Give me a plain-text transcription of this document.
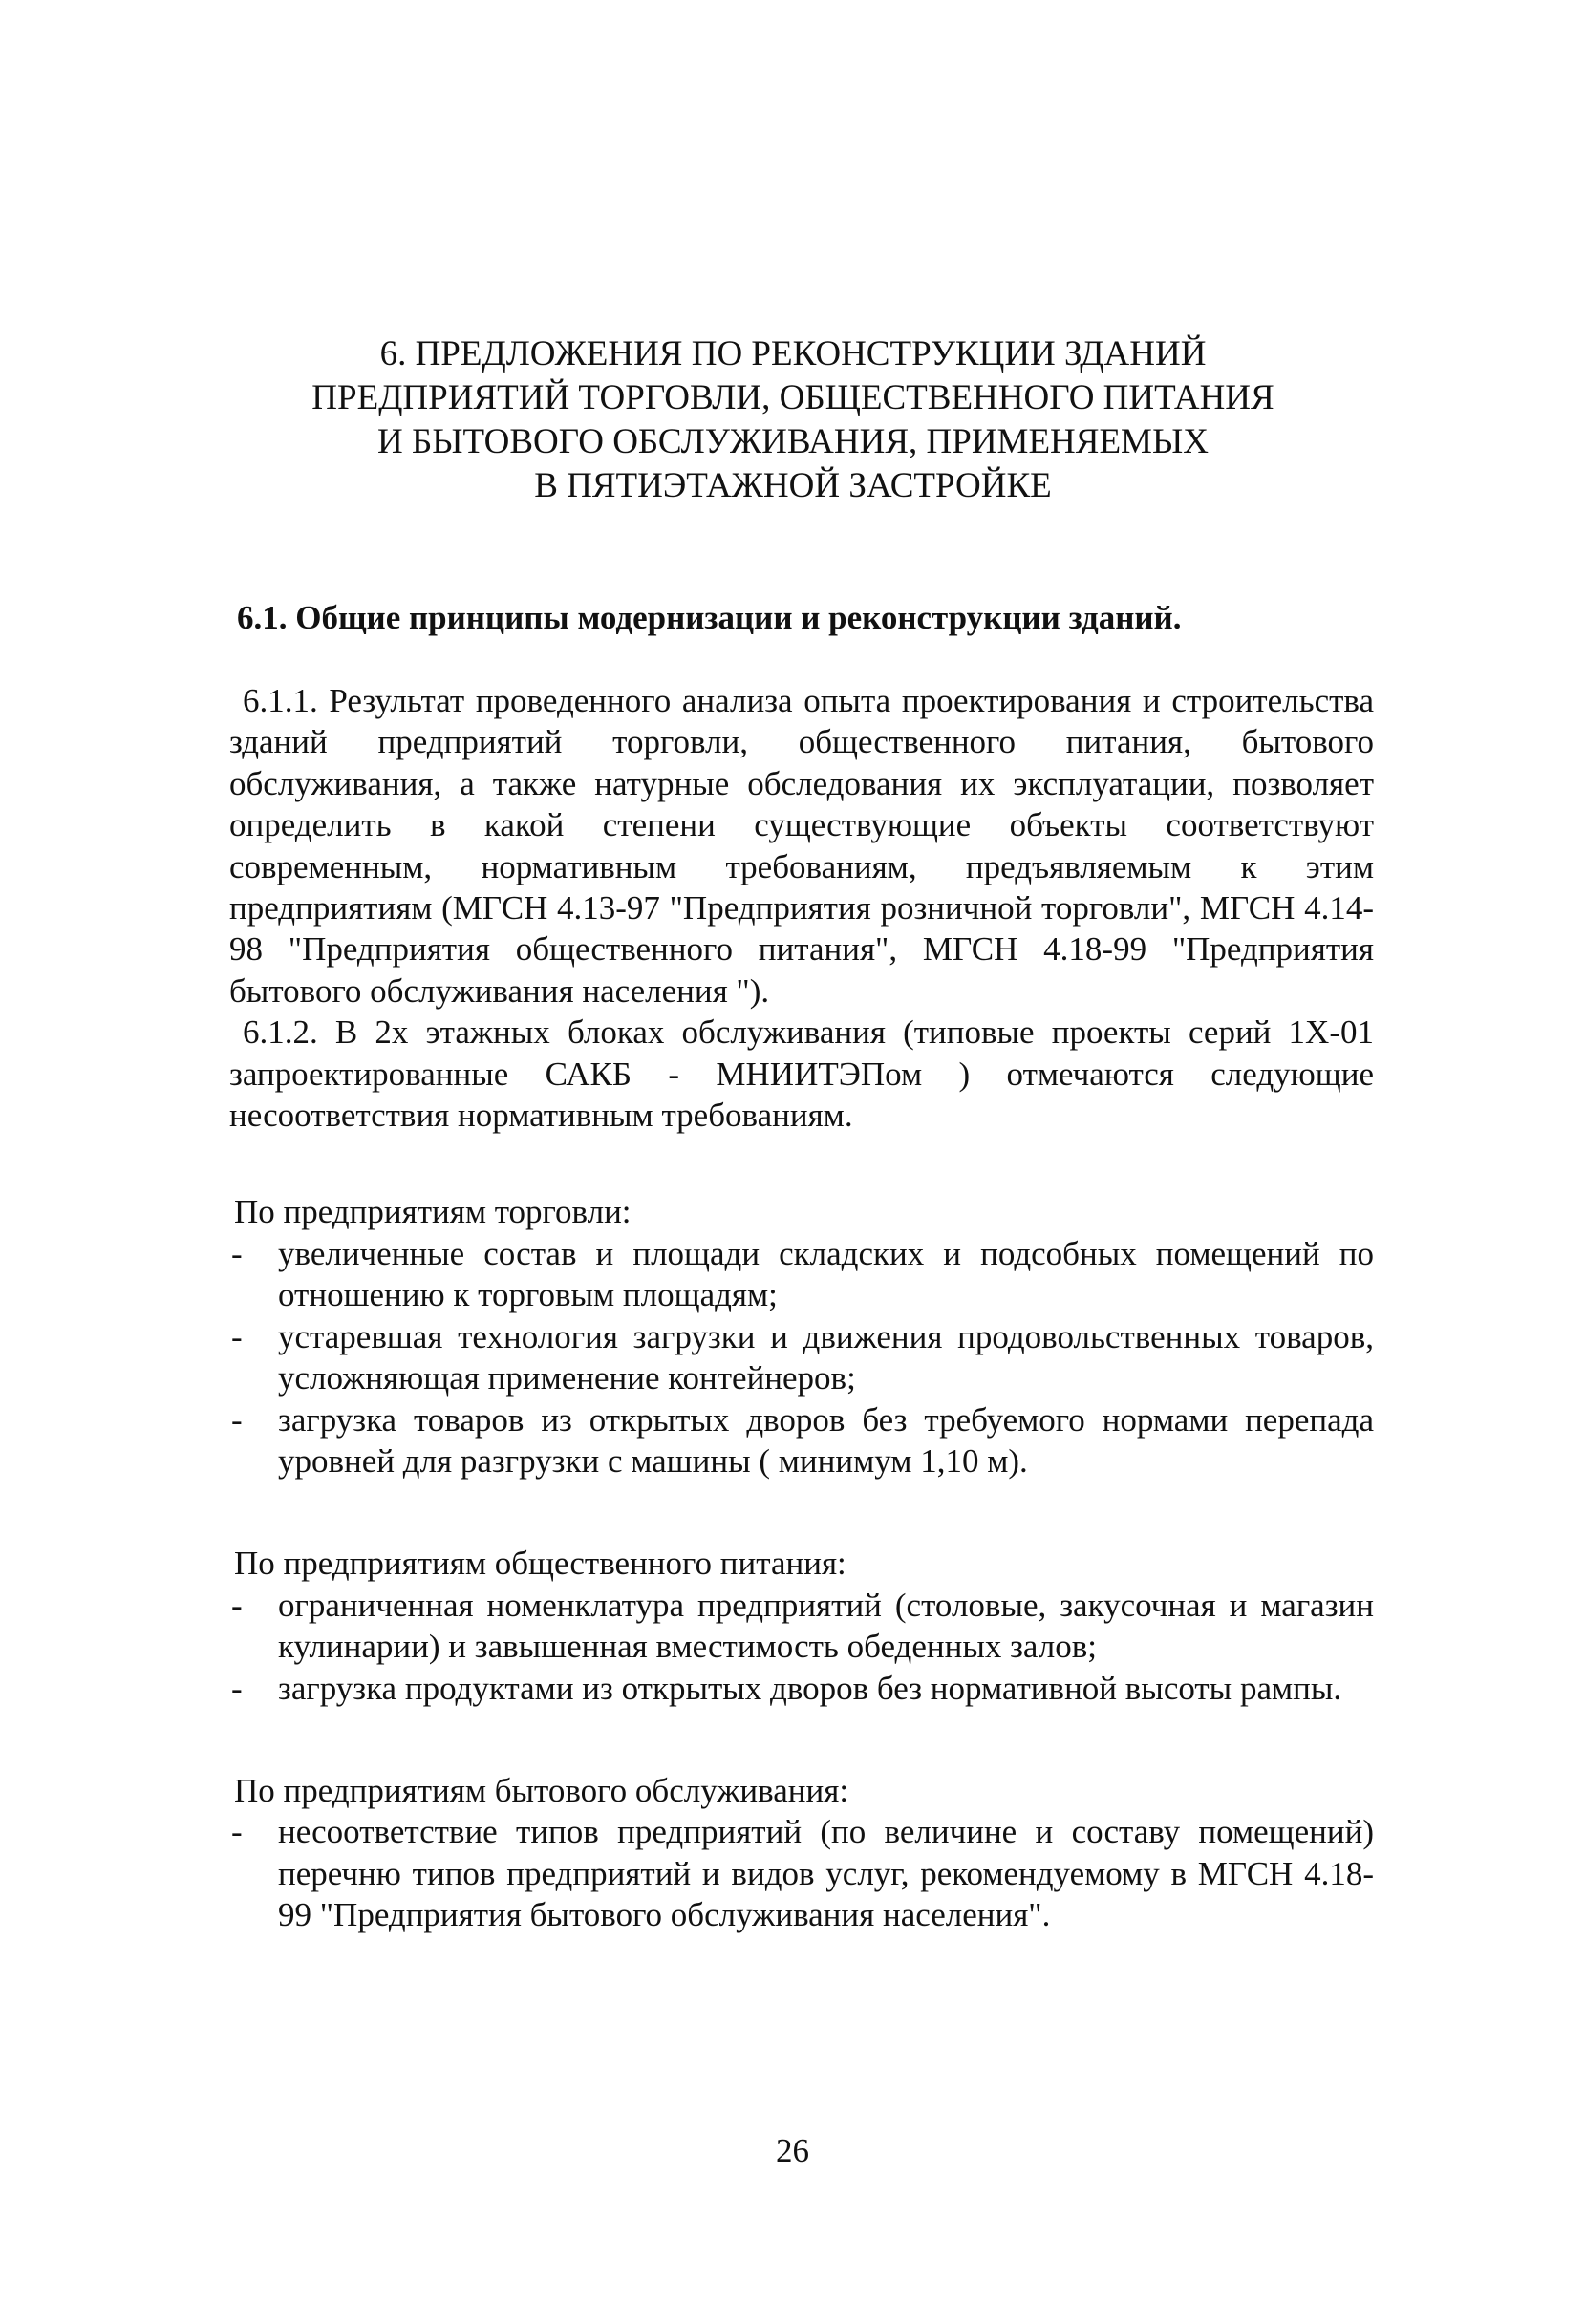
6. ПРЕДЛОЖЕНИЯ ПО РЕКОНСТРУКЦИИ ЗДАНИЙ
ПРЕДПРИЯТИЙ ТОРГОВЛИ, ОБЩЕСТВЕННОГО ПИТАНИЯ
И БЫТОВОГО ОБСЛУЖИВАНИЯ, ПРИМЕНЯЕМЫХ
В ПЯТИЭТАЖНОЙ ЗАСТРОЙКЕ
6.1. Общие принципы модернизации и реконструкции зданий.

6.1.1. Результат проведенного анализа опыта проектирования и строительства зданий предприятий торговли, общественного питания, бытового обслуживания, а также натурные обследования их эксплуатации, позволяет определить в какой степени существующие объекты соответствуют современным, нормативным требованиям, предъявляемым к этим предприятиям (МГСН 4.13-97 "Предприятия розничной торговли", МГСН 4.14-98 "Предприятия общественного питания", МГСН 4.18-99 "Предприятия бытового обслуживания населения ").

6.1.2. В 2х этажных блоках обслуживания (типовые проекты серий 1Х-01 запроектированные САКБ - МНИИТЭПом ) отмечаются следующие несоответствия нормативным требованиям.

По предприятиям торговли:
- увеличенные состав и площади складских и подсобных помещений по отношению к торговым площадям;
- устаревшая технология загрузки и движения продовольственных товаров, усложняющая применение контейнеров;
- загрузка товаров из открытых дворов без требуемого нормами перепада уровней для разгрузки с машины ( минимум 1,10 м).
По предприятиям общественного питания:
- ограниченная номенклатура предприятий (столовые, закусочная и магазин кулинарии) и завышенная вместимость обеденных залов;
- загрузка продуктами из открытых дворов без нормативной высоты рампы.
По предприятиям бытового обслуживания:
- несоответствие типов предприятий (по величине и составу помещений) перечню типов предприятий и видов услуг, рекомендуемому в МГСН 4.18-99 "Предприятия бытового обслуживания населения".
26
